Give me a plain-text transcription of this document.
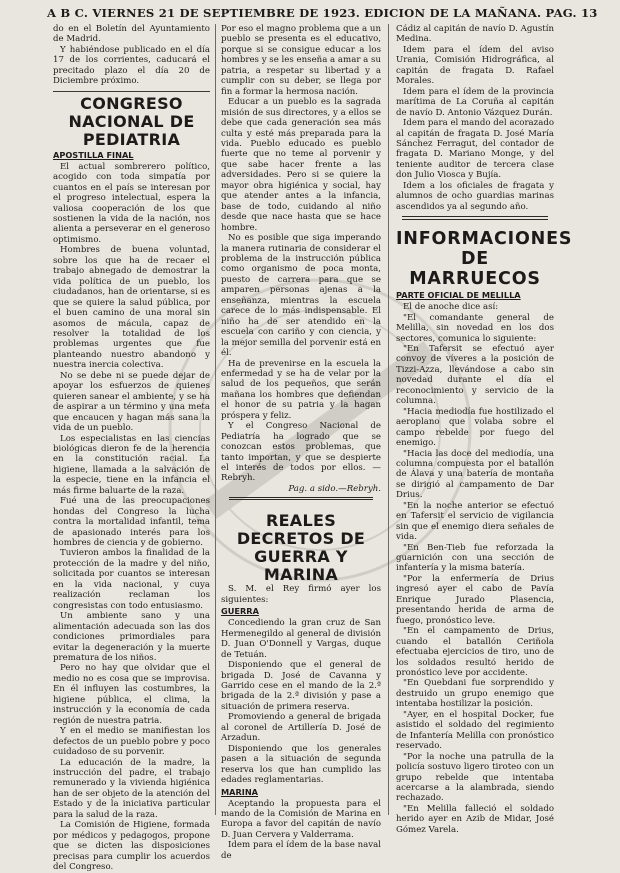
A B C. VIERNES 21 DE SEPTIEMBRE DE 1923. EDICION DE LA MAÑANA. PAG. 13

do en el Boletín del Ayuntamiento de Madrid.

Y habiéndose publicado en el día 17 de los corrientes, caducará el precitado plazo el día 20 de Diciembre próximo.

CONGRESO NACIONAL DE PEDIATRIA
APOSTILLA FINAL

El actual sombrerero político, acogido con toda simpatía por cuantos en el país se interesan por el progreso intelectual, espera la valiosa cooperación de los que sostienen la vida de la nación, nos alienta a perseverar en el generoso optimismo.

Hombres de buena voluntad, sobre los que ha de recaer el trabajo abnegado de demostrar la vida política de un pueblo, los ciudadanos, han de orientarse, si es que se quiere la salud pública, por el buen camino de una moral sin asomos de mácula, capaz de resolver la totalidad de los problemas urgentes que fue planteando nuestro abandono y nuestra inercia colectiva.

No se debe ni se puede dejar de apoyar los esfuerzos de quienes quieren sanear el ambiente, y se ha de aspirar a un término y una meta que encaucen y hagan más sana la vida de un pueblo.

Los especialistas en las ciencias biológicas dieron fe de la herencia en la constitución racial. La higiene, llamada a la salvación de la especie, tiene en la infancia el más firme baluarte de la raza.

Fué una de las preocupaciones hondas del Congreso la lucha contra la mortalidad infantil, tema de apasionado interés para los hombres de ciencia y de gobierno.

Tuvieron ambos la finalidad de la protección de la madre y del niño, solicitada por cuantos se interesan en la vida nacional, y cuya realización reclaman los congresistas con todo entusiasmo.

Un ambiente sano y una alimentación adecuada son las dos condiciones primordiales para evitar la degeneración y la muerte prematura de los niños.

Pero no hay que olvidar que el medio no es cosa que se improvisa. En él influyen las costumbres, la higiene pública, el clima, la instrucción y la economía de cada región de nuestra patria.

Y en el medio se manifiestan los defectos de un pueblo pobre y poco cuidadoso de su porvenir.

La educación de la madre, la instrucción del padre, el trabajo remunerado y la vivienda higiénica han de ser objeto de la atención del Estado y de la iniciativa particular para la salud de la raza.

La Comisión de Higiene, formada por médicos y pedagogos, propone que se dicten las disposiciones precisas para cumplir los acuerdos del Congreso.

Por eso el magno problema que a un pueblo se presenta es el educativo, porque si se consigue educar a los hombres y se les enseña a amar a su patria, a respetar su libertad y a cumplir con su deber, se llega por fin a formar la hermosa nación.

Educar a un pueblo es la sagrada misión de sus directores, y a ellos se debe que cada generación sea más culta y esté más preparada para la vida. Pueblo educado es pueblo fuerte que no teme al porvenir y que sabe hacer frente a las adversidades. Pero si se quiere la mayor obra higiénica y social, hay que atender antes a la infancia, base de todo, cuidando al niño desde que nace hasta que se hace hombre.

No es posible que siga imperando la manera rutinaria de considerar el problema de la instrucción pública como organismo de poca monta, puesto de carrera para que se amparen personas ajenas a la enseñanza, mientras la escuela carece de lo más indispensable. El niño ha de ser atendido en la escuela con cariño y con ciencia, y la mejor semilla del porvenir está en él.

Ha de prevenirse en la escuela la enfermedad y se ha de velar por la salud de los pequeños, que serán mañana los hombres que defiendan el honor de su patria y la hagan próspera y feliz.

Y el Congreso Nacional de Pediatría ha logrado que se conozcan estos problemas, que tanto importan, y que se despierte el interés de todos por ellos. — Rebryh.

Pag. a sido.—Rebryh.

REALES DECRETOS DE GUERRA Y MARINA

S. M. el Rey firmó ayer los siguientes:

GUERRA

Concediendo la gran cruz de San Hermenegildo al general de división D. Juan O'Donnell y Vargas, duque de Tetuán.

Disponiendo que el general de brigada D. José de Cavanna y Garrido cese en el mando de la 2.ª brigada de la 2.ª división y pase a situación de primera reserva.

Promoviendo a general de brigada al coronel de Artillería D. José de Arzadun.

Disponiendo que los generales pasen a la situación de segunda reserva los que han cumplido las edades reglamentarias.

MARINA

Aceptando la propuesta para el mando de la Comisión de Marina en Europa a favor del capitán de navío D. Juan Cervera y Valderrama.

Idem para el ídem de la base naval de

Cádiz al capitán de navío D. Agustín Medina.

Idem para el ídem del aviso Urania, Comisión Hidrográfica, al capitán de fragata D. Rafael Morales.

Idem para el ídem de la provincia marítima de La Coruña al capitán de navío D. Antonio Vázquez Durán.

Idem para el mando del acorazado al capitán de fragata D. José María Sánchez Ferragut, del contador de fragata D. Mariano Monge, y del teniente auditor de tercera clase don Julio Viosca y Bujía.

Idem a los oficiales de fragata y alumnos de ocho guardias marinas ascendidos ya al segundo año.

INFORMACIONES DE MARRUECOS
PARTE OFICIAL DE MELILLA

El de anoche dice así:

"El comandante general de Melilla, sin novedad en los dos sectores, comunica lo siguiente:

"En Tafersit se efectuó ayer convoy de víveres a la posición de Tizzi-Azza, llevándose a cabo sin novedad durante el día el reconocimiento y servicio de la columna.

"Hacia mediodía fue hostilizado el aeroplano que volaba sobre el campo rebelde por fuego del enemigo.

"Hacia las doce del mediodía, una columna compuesta por el batallón de Álava y una batería de montaña se dirigió al campamento de Dar Drius.

"En la noche anterior se efectuó en Tafersit el servicio de vigilancia sin que el enemigo diera señales de vida.

"En Ben-Tieb fue reforzada la guarnición con una sección de infantería y la misma batería.

"Por la enfermería de Drius ingresó ayer el cabo de Pavía Enrique Jurado Plasencia, presentando herida de arma de fuego, pronóstico leve.

"En el campamento de Drius, cuando el batallón Ceriñola efectuaba ejercicios de tiro, uno de los soldados resultó herido de pronóstico leve por accidente.

"En Quebdani fue sorprendido y destruido un grupo enemigo que intentaba hostilizar la posición.

"Ayer, en el hospital Docker, fue asistido el soldado del regimiento de Infantería Melilla con pronóstico reservado.

"Por la noche una patrulla de la policía sostuvo ligero tiroteo con un grupo rebelde que intentaba acercarse a la alambrada, siendo rechazado.

"En Melilla falleció el soldado herido ayer en Azib de Midar, José Gómez Varela.
